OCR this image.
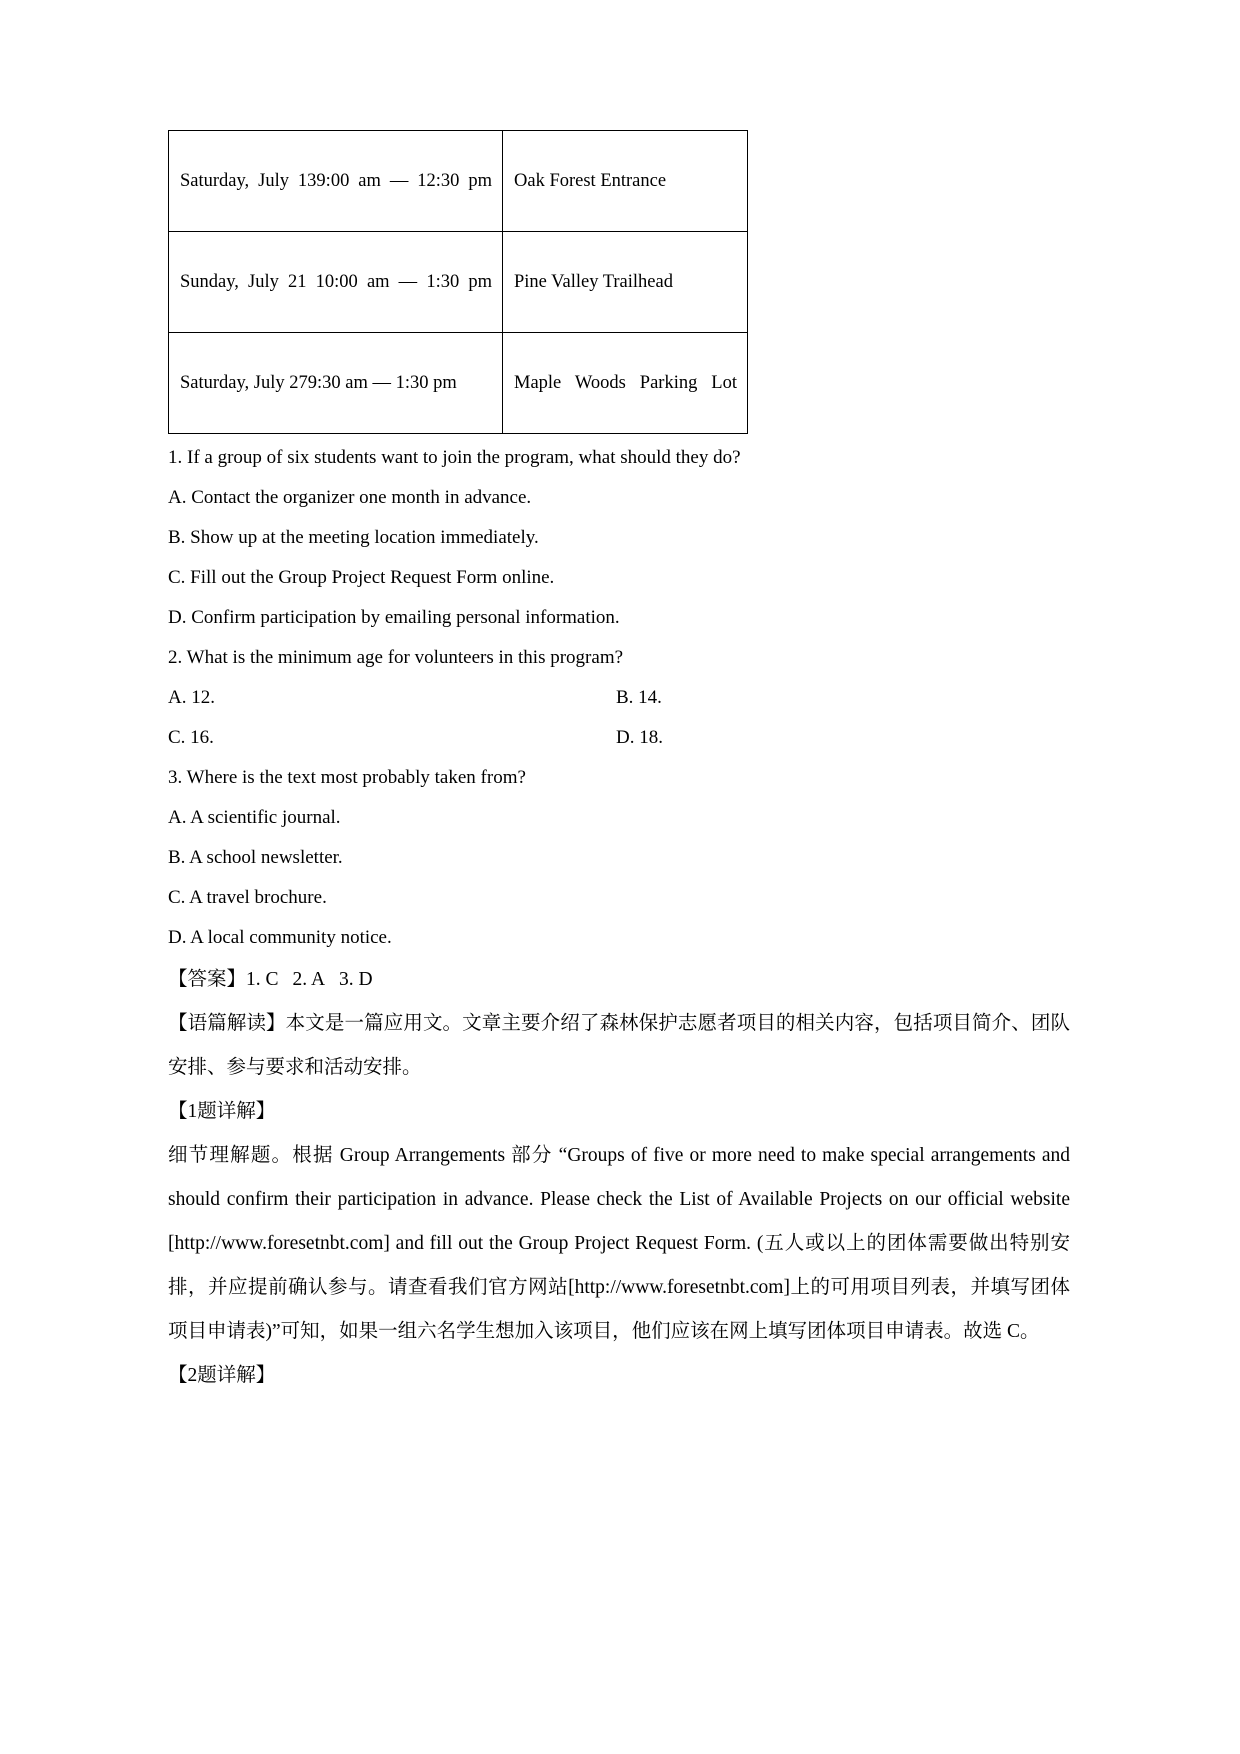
Saturday, July 139:00 am — 12:30 pm	Oak Forest Entrance
Sunday, July 21 10:00 am — 1:30 pm	Pine Valley Trailhead
Saturday, July 279:30 am — 1:30 pm	Maple Woods Parking Lot
1. If a group of six students want to join the program, what should they do?
A. Contact the organizer one month in advance.
B. Show up at the meeting location immediately.
C. Fill out the Group Project Request Form online.
D. Confirm participation by emailing personal information.
2. What is the minimum age for volunteers in this program?
A. 12.	B. 14.
C. 16.	D. 18.
3. Where is the text most probably taken from?
A. A scientific journal.
B. A school newsletter.
C. A travel brochure.
D. A local community notice.
【答案】1. C 2. A 3. D

【语篇解读】本文是一篇应用文。文章主要介绍了森林保护志愿者项目的相关内容，包括项目简介、团队安排、参与要求和活动安排。

【1题详解】

细节理解题。根据 Group Arrangements 部分 “Groups of five or more need to make special arrangements and should confirm their participation in advance. Please check the List of Available Projects on our official website [http://www.foresetnbt.com] and fill out the Group Project Request Form. (五人或以上的团体需要做出特别安排，并应提前确认参与。请查看我们官方网站[http://www.foresetnbt.com]上的可用项目列表，并填写团体项目申请表)”可知，如果一组六名学生想加入该项目，他们应该在网上填写团体项目申请表。故选 C。

【2题详解】
